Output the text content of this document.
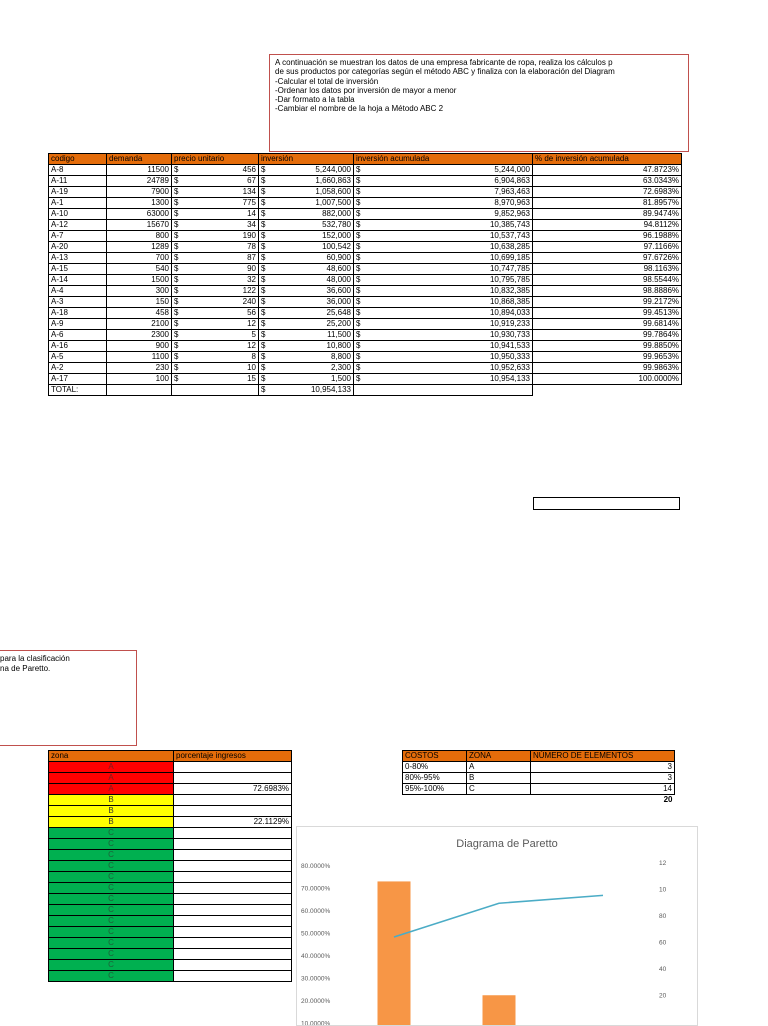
A continuación se muestran los datos de una empresa fabricante de ropa, realiza los cálculos p
de sus productos por categorías según el método ABC y finaliza con la elaboración del Diagram
-Calcular el total de inversión
-Ordenar los datos por inversión de mayor a menor
-Dar formato a la tabla
-Cambiar el nombre de la hoja a Método ABC 2
codigo	demanda	precio unitario	inversión	inversión acumulada	% de inversión acumulada
A-8	11500	$ 456	$ 5,244,000	$ 5,244,000	47.8723%
A-11	24789	$ 67	$ 1,660,863	$ 6,904,863	63.0343%
A-19	7900	$ 134	$ 1,058,600	$ 7,963,463	72.6983%
A-1	1300	$ 775	$ 1,007,500	$ 8,970,963	81.8957%
A-10	63000	$ 14	$ 882,000	$ 9,852,963	89.9474%
A-12	15670	$ 34	$ 532,780	$ 10,385,743	94.8112%
A-7	800	$ 190	$ 152,000	$ 10,537,743	96.1988%
A-20	1289	$ 78	$ 100,542	$ 10,638,285	97.1166%
A-13	700	$ 87	$ 60,900	$ 10,699,185	97.6726%
A-15	540	$ 90	$ 48,600	$ 10,747,785	98.1163%
A-14	1500	$ 32	$ 48,000	$ 10,795,785	98.5544%
A-4	300	$ 122	$ 36,600	$ 10,832,385	98.8886%
A-3	150	$ 240	$ 36,000	$ 10,868,385	99.2172%
A-18	458	$ 56	$ 25,648	$ 10,894,033	99.4513%
A-9	2100	$ 12	$ 25,200	$ 10,919,233	99.6814%
A-6	2300	$ 5	$ 11,500	$ 10,930,733	99.7864%
A-16	900	$ 12	$ 10,800	$ 10,941,533	99.8850%
A-5	1100	$ 8	$ 8,800	$ 10,950,333	99.9653%
A-2	230	$ 10	$ 2,300	$ 10,952,633	99.9863%
A-17	100	$ 15	$ 1,500	$ 10,954,133	100.0000%
TOTAL:			$ 10,954,133		

para la clasificación
na de Paretto.
zona	porcentaje ingresos
A	
A	
A	72.6983%
B	
B	
B	22.1129%
C	
C	
C	
C	
C	
C	
C	
C	
C	
C	
C	
C	
C	
C	
COSTOS	ZONA	NÚMERO DE ELEMENTOS
0-80%	A	3
80%-95%	B	3
95%-100%	C	14
		20
Diagrama de Paretto
80.0000%
70.0000%
60.0000%
50.0000%
40.0000%
30.0000%
20.0000%
10.0000%
12
10
80
60
40
20
